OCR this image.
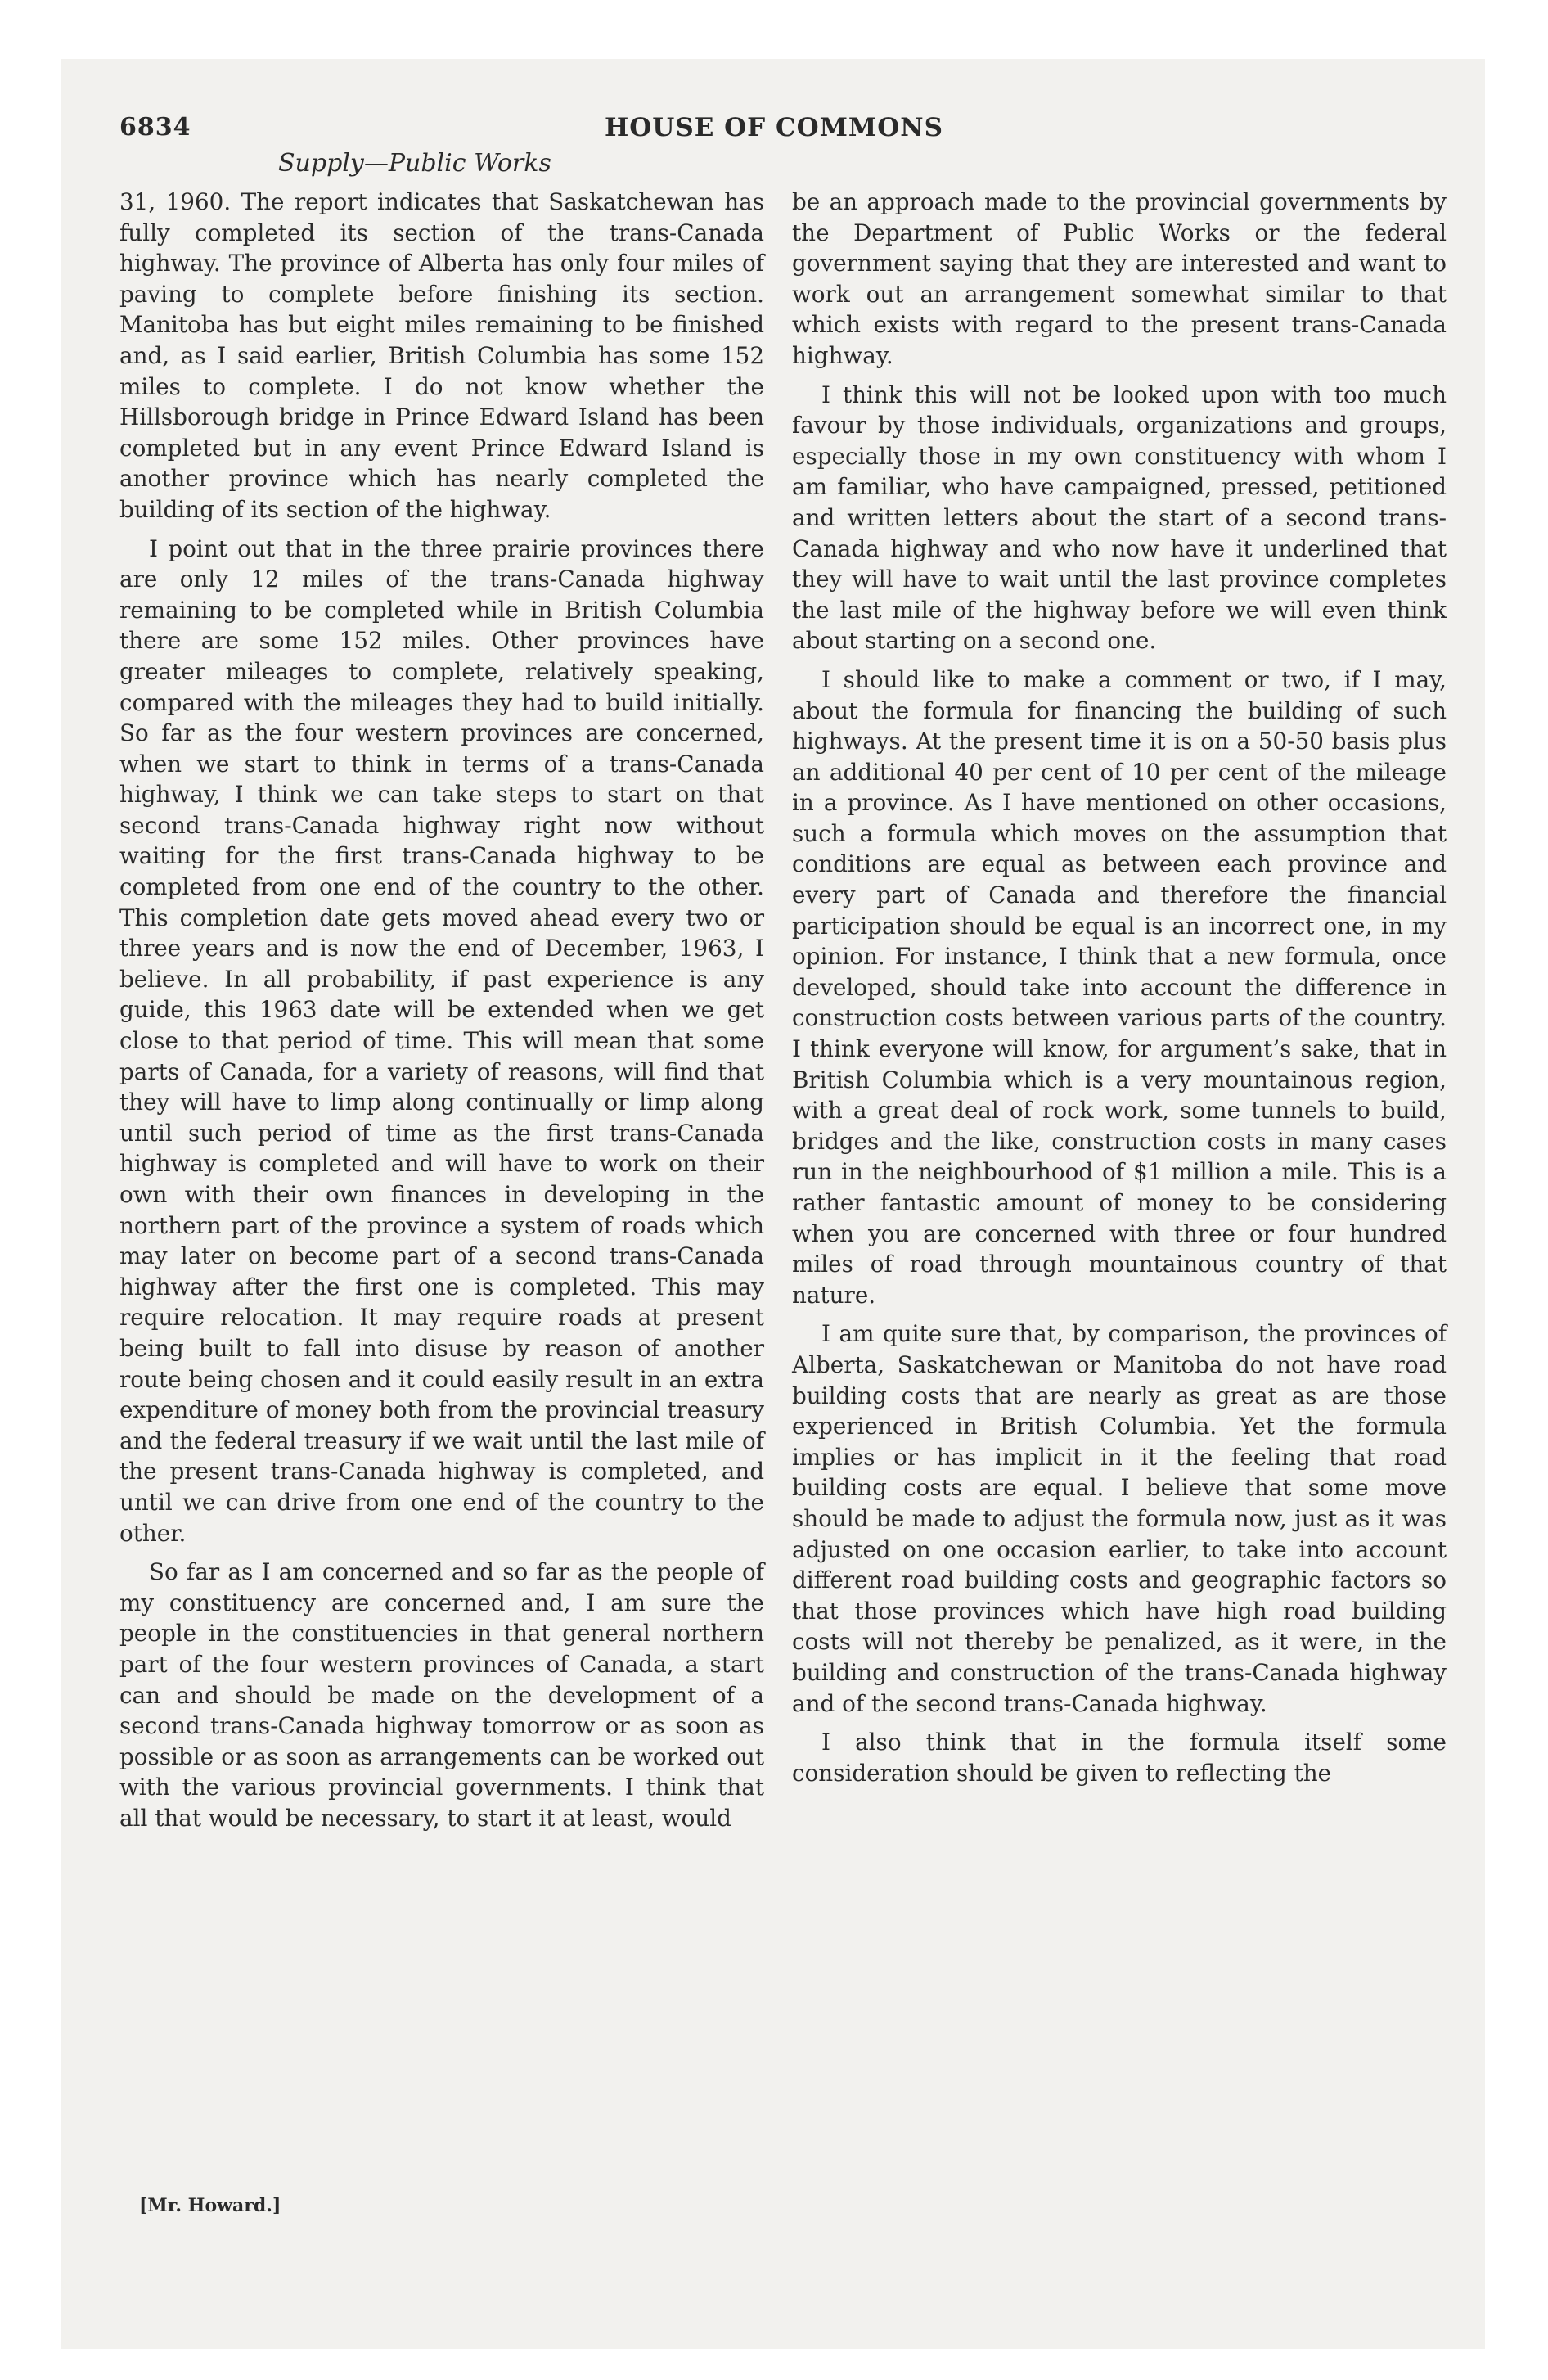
6834	HOUSE OF COMMONS
Supply—Public Works

31, 1960. The report indicates that Saskatchewan has fully completed its section of the trans-Canada highway. The province of Alberta has only four miles of paving to complete before finishing its section. Manitoba has but eight miles remaining to be finished and, as I said earlier, British Columbia has some 152 miles to complete. I do not know whether the Hillsborough bridge in Prince Edward Island has been completed but in any event Prince Edward Island is another province which has nearly completed the building of its section of the highway.

I point out that in the three prairie provinces there are only 12 miles of the trans-Canada highway remaining to be completed while in British Columbia there are some 152 miles. Other provinces have greater mileages to complete, relatively speaking, compared with the mileages they had to build initially. So far as the four western provinces are concerned, when we start to think in terms of a trans-Canada highway, I think we can take steps to start on that second trans-Canada highway right now without waiting for the first trans-Canada highway to be completed from one end of the country to the other. This completion date gets moved ahead every two or three years and is now the end of December, 1963, I believe. In all probability, if past experience is any guide, this 1963 date will be extended when we get close to that period of time. This will mean that some parts of Canada, for a variety of reasons, will find that they will have to limp along continually or limp along until such period of time as the first trans-Canada highway is completed and will have to work on their own with their own finances in developing in the northern part of the province a system of roads which may later on become part of a second trans-Canada highway after the first one is completed. This may require relocation. It may require roads at present being built to fall into disuse by reason of another route being chosen and it could easily result in an extra expenditure of money both from the provincial treasury and the federal treasury if we wait until the last mile of the present trans-Canada highway is completed, and until we can drive from one end of the country to the other.

So far as I am concerned and so far as the people of my constituency are concerned and, I am sure the people in the constituencies in that general northern part of the four western provinces of Canada, a start can and should be made on the development of a second trans-Canada highway tomorrow or as soon as possible or as soon as arrangements can be worked out with the various provincial governments. I think that all that would be necessary, to start it at least, would

be an approach made to the provincial governments by the Department of Public Works or the federal government saying that they are interested and want to work out an arrangement somewhat similar to that which exists with regard to the present trans-Canada highway.

I think this will not be looked upon with too much favour by those individuals, organizations and groups, especially those in my own constituency with whom I am familiar, who have campaigned, pressed, petitioned and written letters about the start of a second trans-Canada highway and who now have it underlined that they will have to wait until the last province completes the last mile of the highway before we will even think about starting on a second one.

I should like to make a comment or two, if I may, about the formula for financing the building of such highways. At the present time it is on a 50-50 basis plus an additional 40 per cent of 10 per cent of the mileage in a province. As I have mentioned on other occasions, such a formula which moves on the assumption that conditions are equal as between each province and every part of Canada and therefore the financial participation should be equal is an incorrect one, in my opinion. For instance, I think that a new formula, once developed, should take into account the difference in construction costs between various parts of the country. I think everyone will know, for argument’s sake, that in British Columbia which is a very mountainous region, with a great deal of rock work, some tunnels to build, bridges and the like, construction costs in many cases run in the neighbourhood of $1 million a mile. This is a rather fantastic amount of money to be considering when you are concerned with three or four hundred miles of road through mountainous country of that nature.

I am quite sure that, by comparison, the provinces of Alberta, Saskatchewan or Manitoba do not have road building costs that are nearly as great as are those experienced in British Columbia. Yet the formula implies or has implicit in it the feeling that road building costs are equal. I believe that some move should be made to adjust the formula now, just as it was adjusted on one occasion earlier, to take into account different road building costs and geographic factors so that those provinces which have high road building costs will not thereby be penalized, as it were, in the building and construction of the trans-Canada highway and of the second trans-Canada highway.

I also think that in the formula itself some consideration should be given to reflecting the

[Mr. Howard.]
